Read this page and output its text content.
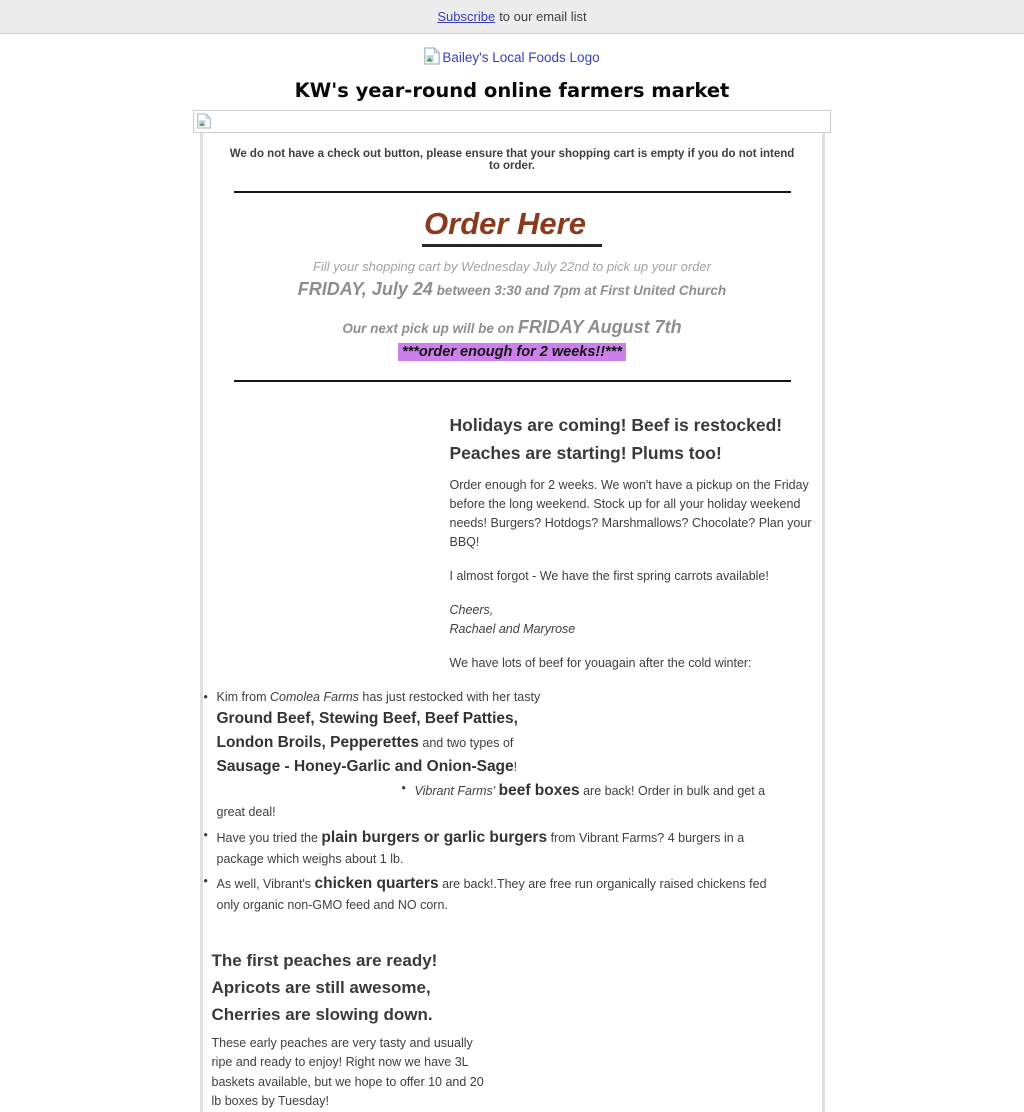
Subscribe to our email list
Bailey's Local Foods Logo
KW's year-round online farmers market
We do not have a check out button, please ensure that your shopping cart is empty if you do not intend to order.
Order Here
Fill your shopping cart by Wednesday July 22nd to pick up your order
FRIDAY, July 24 between 3:30 and 7pm at First United Church
Our next pick up will be on FRIDAY August 7th
***order enough for 2 weeks!!***
Holidays are coming! Beef is restocked!
Peaches are starting! Plums too!

Order enough for 2 weeks. We won't have a pickup on the Friday before the long weekend. Stock up for all your holiday weekend needs! Burgers? Hotdogs? Marshmallows? Chocolate? Plan your BBQ!

I almost forgot - We have the first spring carrots available!

Cheers,
Rachael and Maryrose

We have lots of beef for youagain after the cold winter:

• Kim from Comolea Farms has just restocked with her tasty Ground Beef, Stewing Beef, Beef Patties, London Broils, Pepperettes and two types of Sausage - Honey-Garlic and Onion-Sage!
• Vibrant Farms' beef boxes are back! Order in bulk and get a great deal!
• Have you tried the plain burgers or garlic burgers from Vibrant Farms? 4 burgers in a package which weighs about 1 lb.
• As well, Vibrant's chicken quarters are back!.They are free run organically raised chickens fed only organic non-GMO feed and NO corn.
The first peaches are ready!
Apricots are still awesome,
Cherries are slowing down.

These early peaches are very tasty and usually ripe and ready to enjoy! Right now we have 3L baskets available, but we hope to offer 10 and 20 lb boxes by Tuesday!
